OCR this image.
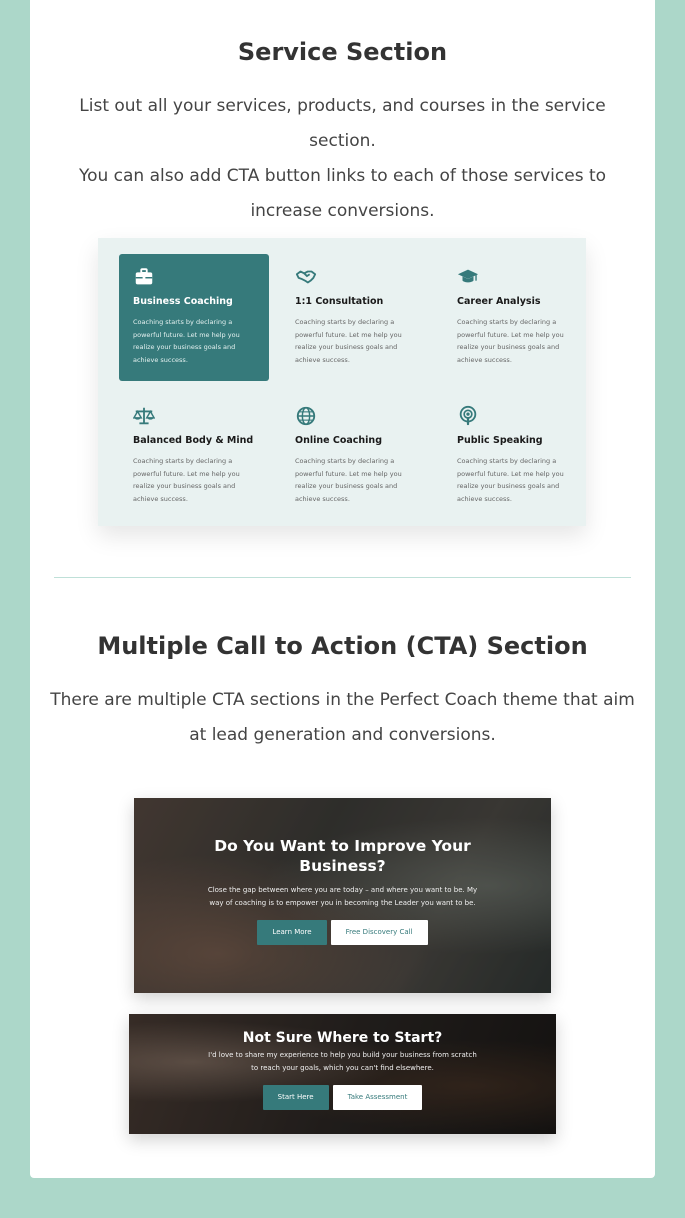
Service Section
List out all your services, products, and courses in the service section.
You can also add CTA button links to each of those services to
increase conversions.
Business Coaching
Coaching starts by declaring a powerful future. Let me help you realize your business goals and achieve success.
1:1 Consultation
Coaching starts by declaring a powerful future. Let me help you realize your business goals and achieve success.
Career Analysis
Coaching starts by declaring a powerful future. Let me help you realize your business goals and achieve success.
Balanced Body & Mind
Coaching starts by declaring a powerful future. Let me help you realize your business goals and achieve success.
Online Coaching
Coaching starts by declaring a powerful future. Let me help you realize your business goals and achieve success.
Public Speaking
Coaching starts by declaring a powerful future. Let me help you realize your business goals and achieve success.
Multiple Call to Action (CTA) Section
There are multiple CTA sections in the Perfect Coach theme that aim
at lead generation and conversions.
Do You Want to Improve Your
Business?
Close the gap between where you are today – and where you want to be. My
way of coaching is to empower you in becoming the Leader you want to be.
Learn More	Free Discovery Call
Not Sure Where to Start?
I'd love to share my experience to help you build your business from scratch
to reach your goals, which you can't find elsewhere.
Start Here	Take Assessment
